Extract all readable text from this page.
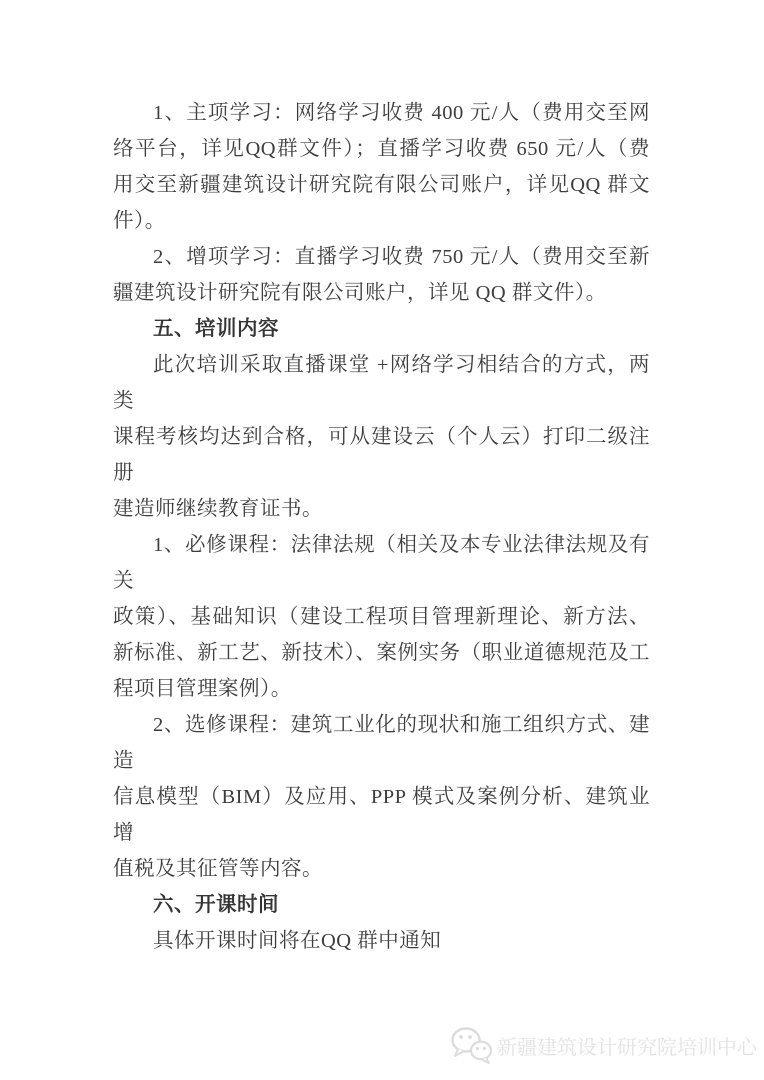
1、主项学习：网络学习收费 400 元/人（费用交至网
络平台，详见QQ群文件）；直播学习收费 650 元/人（费
用交至新疆建筑设计研究院有限公司账户，详见QQ 群文
件）。
2、增项学习：直播学习收费 750 元/人（费用交至新
疆建筑设计研究院有限公司账户，详见 QQ 群文件）。
五、培训内容
此次培训采取直播课堂 +网络学习相结合的方式，两类
课程考核均达到合格，可从建设云（个人云）打印二级注册
建造师继续教育证书。
1、必修课程：法律法规（相关及本专业法律法规及有 关
政策）、基础知识（建设工程项目管理新理论、新方法、
新标准、新工艺、新技术）、案例实务（职业道德规范及工
程项目管理案例）。
2、选修课程：建筑工业化的现状和施工组织方式、建造
信息模型（BIM）及应用、PPP 模式及案例分析、建筑业增
值税及其征管等内容。
六、开课时间
具体开课时间将在QQ 群中通知
新疆建筑设计研究院培训中心
